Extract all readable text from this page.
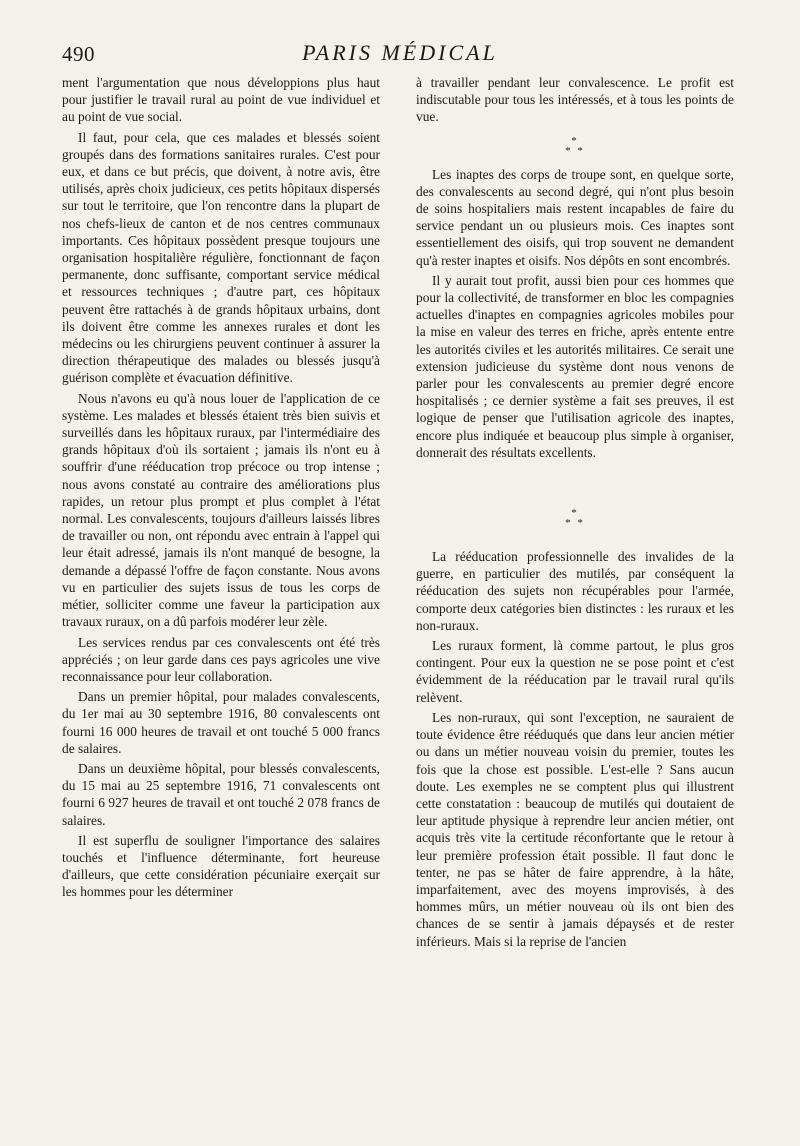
490	PARIS MÉDICAL

ment l'argumentation que nous développions plus haut pour justifier le travail rural au point de vue individuel et au point de vue social.

Il faut, pour cela, que ces malades et blessés soient groupés dans des formations sanitaires rurales. C'est pour eux, et dans ce but précis, que doivent, à notre avis, être utilisés, après choix judicieux, ces petits hôpitaux dispersés sur tout le territoire, que l'on rencontre dans la plupart de nos chefs-lieux de canton et de nos centres communaux importants. Ces hôpitaux possèdent presque toujours une organisation hospitalière régulière, fonctionnant de façon permanente, donc suffisante, comportant service médical et ressources techniques ; d'autre part, ces hôpitaux peuvent être rattachés à de grands hôpitaux urbains, dont ils doivent être comme les annexes rurales et dont les médecins ou les chirurgiens peuvent continuer à assurer la direction thérapeutique des malades ou blessés jusqu'à guérison complète et évacuation définitive.

Nous n'avons eu qu'à nous louer de l'application de ce système. Les malades et blessés étaient très bien suivis et surveillés dans les hôpitaux ruraux, par l'intermédiaire des grands hôpitaux d'où ils sortaient ; jamais ils n'ont eu à souffrir d'une rééducation trop précoce ou trop intense ; nous avons constaté au contraire des améliorations plus rapides, un retour plus prompt et plus complet à l'état normal. Les convalescents, toujours d'ailleurs laissés libres de travailler ou non, ont répondu avec entrain à l'appel qui leur était adressé, jamais ils n'ont manqué de besogne, la demande a dépassé l'offre de façon constante. Nous avons vu en particulier des sujets issus de tous les corps de métier, solliciter comme une faveur la participation aux travaux ruraux, on a dû parfois modérer leur zèle.

Les services rendus par ces convalescents ont été très appréciés ; on leur garde dans ces pays agricoles une vive reconnaissance pour leur collaboration.

Dans un premier hôpital, pour malades convalescents, du 1er mai au 30 septembre 1916, 80 convalescents ont fourni 16 000 heures de travail et ont touché 5 000 francs de salaires.

Dans un deuxième hôpital, pour blessés convalescents, du 15 mai au 25 septembre 1916, 71 convalescents ont fourni 6 927 heures de travail et ont touché 2 078 francs de salaires.

Il est superflu de souligner l'importance des salaires touchés et l'influence déterminante, fort heureuse d'ailleurs, que cette considération pécuniaire exerçait sur les hommes pour les déterminer

à travailler pendant leur convalescence. Le profit est indiscutable pour tous les intéressés, et à tous les points de vue.

*
* *

Les inaptes des corps de troupe sont, en quelque sorte, des convalescents au second degré, qui n'ont plus besoin de soins hospitaliers mais restent incapables de faire du service pendant un ou plusieurs mois. Ces inaptes sont essentiellement des oisifs, qui trop souvent ne demandent qu'à rester inaptes et oisifs. Nos dépôts en sont encombrés.

Il y aurait tout profit, aussi bien pour ces hommes que pour la collectivité, de transformer en bloc les compagnies actuelles d'inaptes en compagnies agricoles mobiles pour la mise en valeur des terres en friche, après entente entre les autorités civiles et les autorités militaires. Ce serait une extension judicieuse du système dont nous venons de parler pour les convalescents au premier degré encore hospitalisés ; ce dernier système a fait ses preuves, il est logique de penser que l'utilisation agricole des inaptes, encore plus indiquée et beaucoup plus simple à organiser, donnerait des résultats excellents.

*
* *

La rééducation professionnelle des invalides de la guerre, en particulier des mutilés, par conséquent la rééducation des sujets non récupérables pour l'armée, comporte deux catégories bien distinctes : les ruraux et les non-ruraux.

Les ruraux forment, là comme partout, le plus gros contingent. Pour eux la question ne se pose point et c'est évidemment de la rééducation par le travail rural qu'ils relèvent.

Les non-ruraux, qui sont l'exception, ne sauraient de toute évidence être rééduqués que dans leur ancien métier ou dans un métier nouveau voisin du premier, toutes les fois que la chose est possible. L'est-elle ? Sans aucun doute. Les exemples ne se comptent plus qui illustrent cette constatation : beaucoup de mutilés qui doutaient de leur aptitude physique à reprendre leur ancien métier, ont acquis très vite la certitude réconfortante que le retour à leur première profession était possible. Il faut donc le tenter, ne pas se hâter de faire apprendre, à la hâte, imparfaitement, avec des moyens improvisés, à des hommes mûrs, un métier nouveau où ils ont bien des chances de se sentir à jamais dépaysés et de rester inférieurs. Mais si la reprise de l'ancien
